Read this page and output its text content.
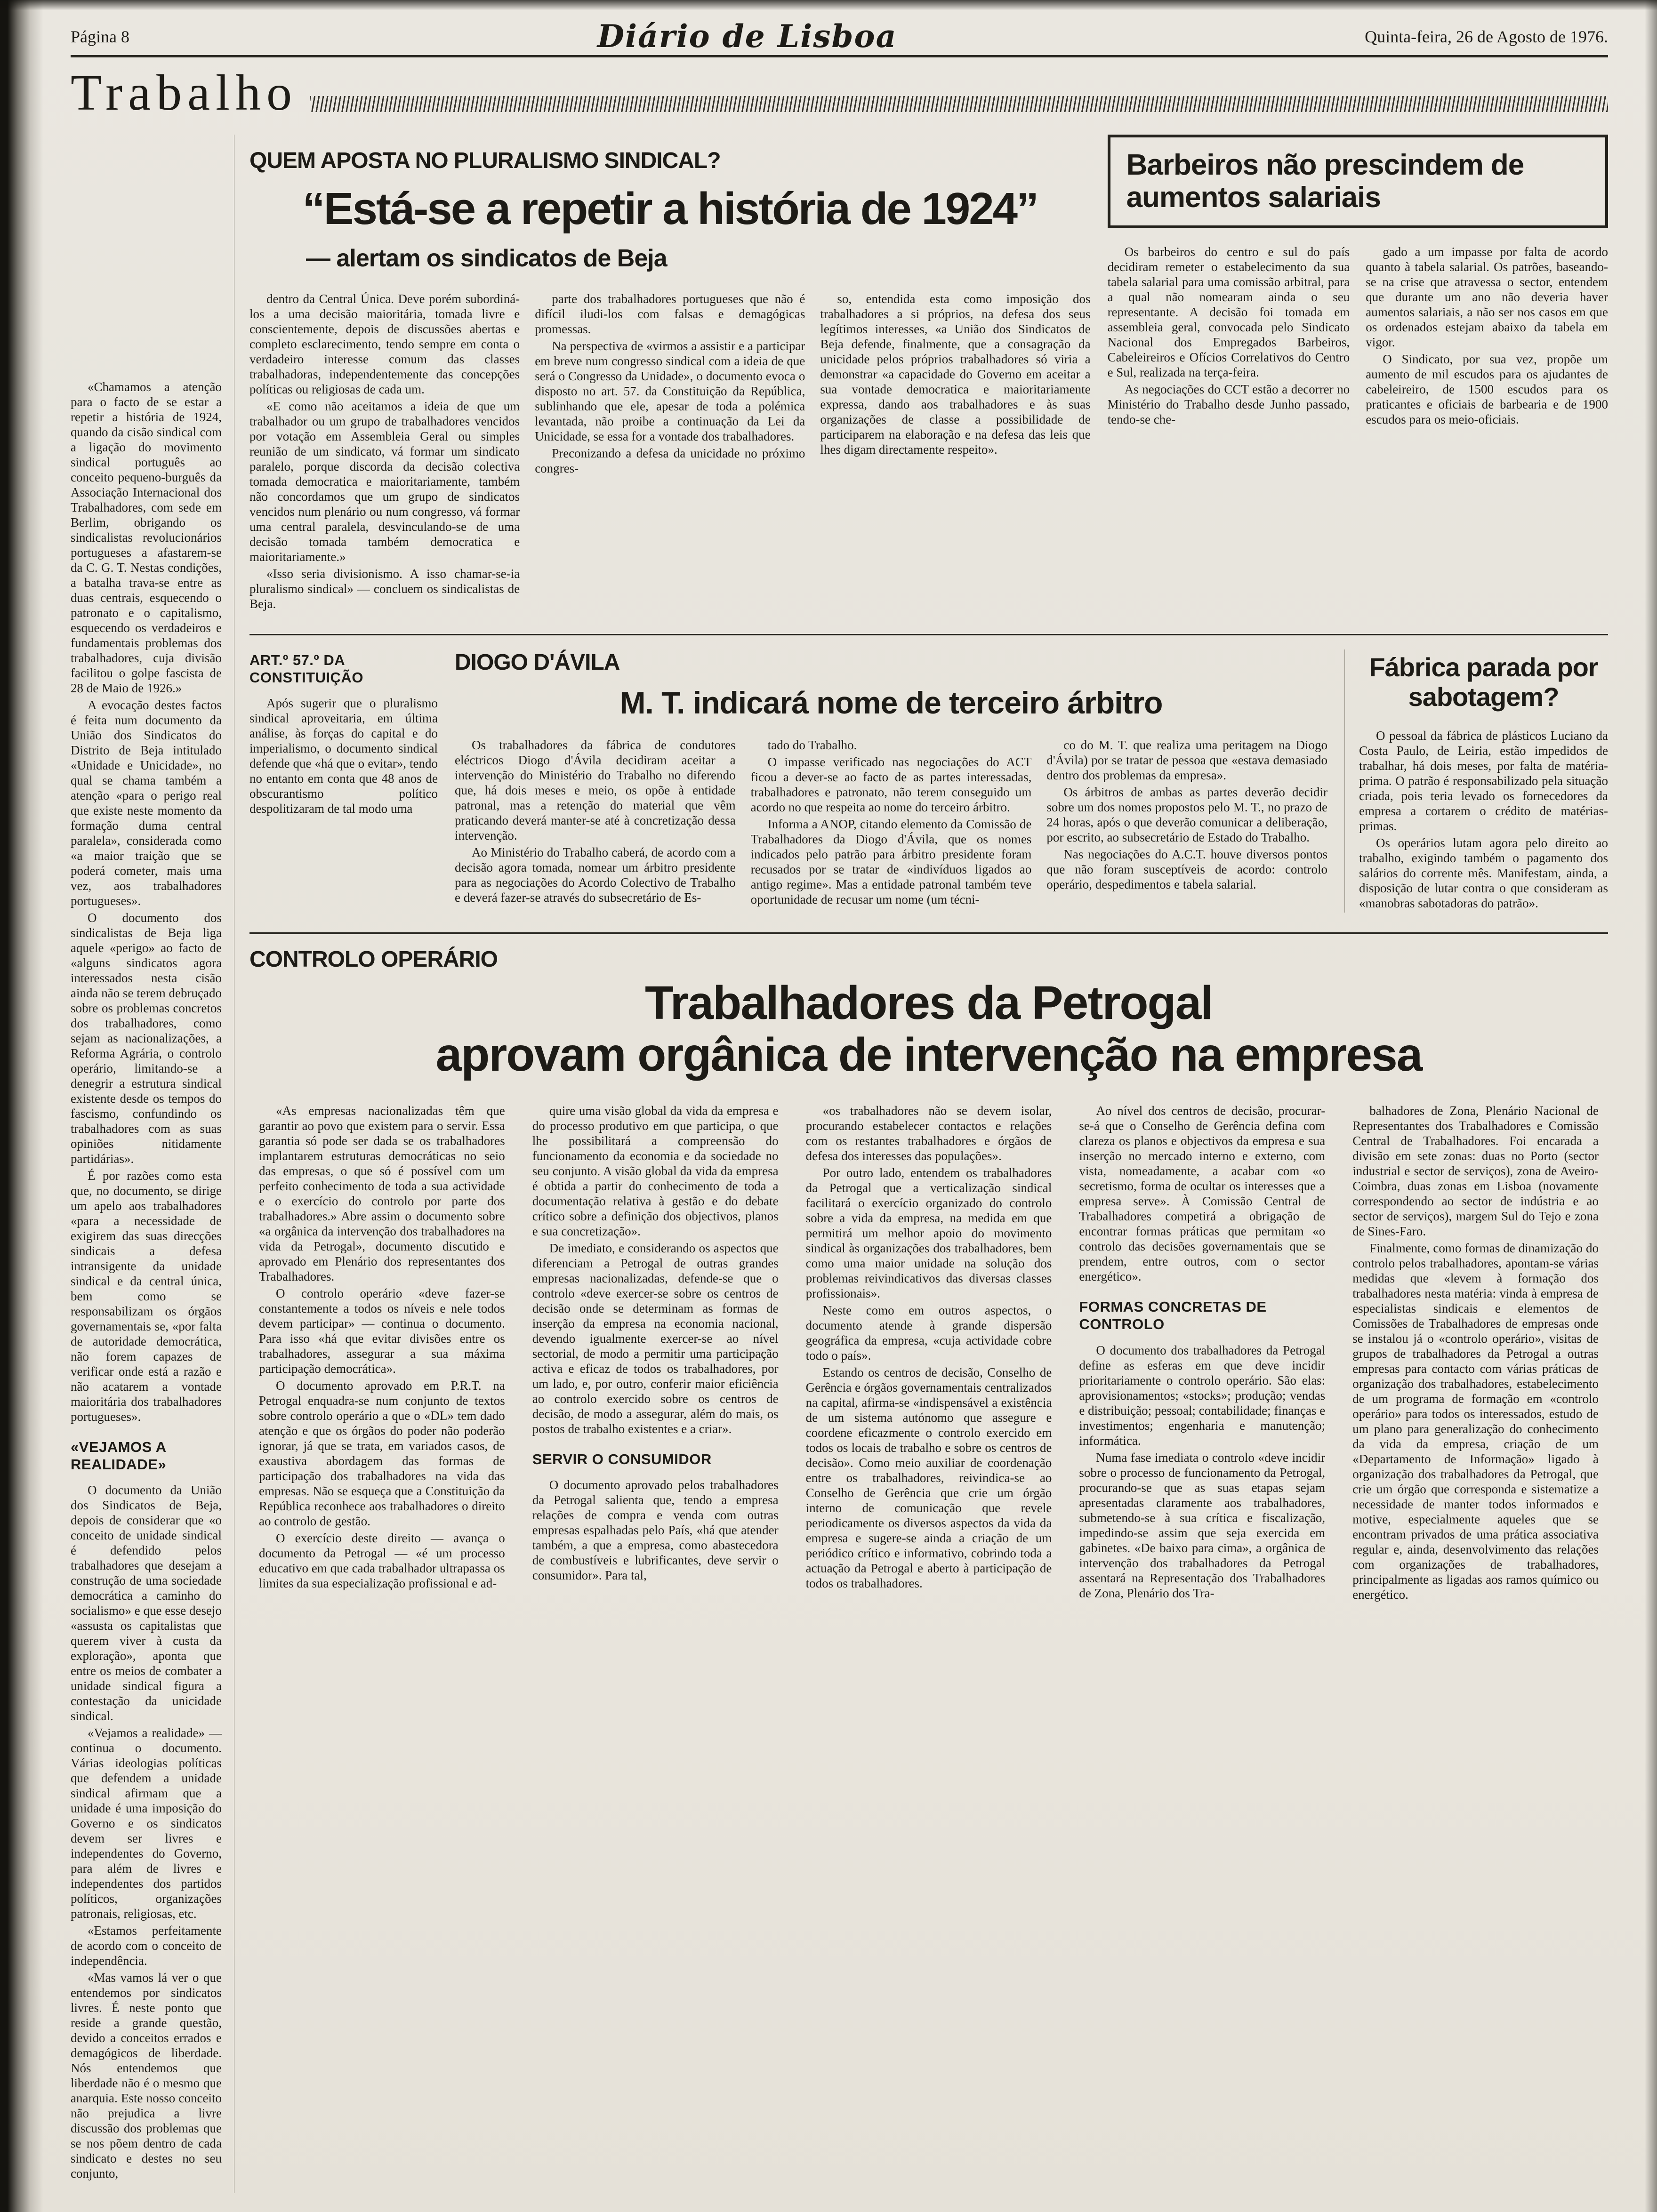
Página 8	Diário de Lisboa	Quinta-feira, 26 de Agosto de 1976.
Trabalho

«Chamamos a atenção para o facto de se estar a repetir a história de 1924, quando da cisão sindical com a ligação do movimento sindical português ao conceito pequeno-burguês da Associação Internacional dos Trabalhadores, com sede em Berlim, obrigando os sindicalistas revolucionários portugueses a afastarem-se da C. G. T. Nestas condições, a batalha trava-se entre as duas centrais, esquecendo o patronato e o capitalismo, esquecendo os verdadeiros e fundamentais problemas dos trabalhadores, cuja divisão facilitou o golpe fascista de 28 de Maio de 1926.»

A evocação destes factos é feita num documento da União dos Sindicatos do Distrito de Beja intitulado «Unidade e Unicidade», no qual se chama também a atenção «para o perigo real que existe neste momento da formação duma central paralela», considerada como «a maior traição que se poderá cometer, mais uma vez, aos trabalhadores portugueses».

O documento dos sindicalistas de Beja liga aquele «perigo» ao facto de «alguns sindicatos agora interessados nesta cisão ainda não se terem debruçado sobre os problemas concretos dos trabalhadores, como sejam as nacionalizações, a Reforma Agrária, o controlo operário, limitando-se a denegrir a estrutura sindical existente desde os tempos do fascismo, confundindo os trabalhadores com as suas opiniões nitidamente partidárias».

É por razões como esta que, no documento, se dirige um apelo aos trabalhadores «para a necessidade de exigirem das suas direcções sindicais a defesa intransigente da unidade sindical e da central única, bem como se responsabilizam os órgãos governamentais se, «por falta de autoridade democrática, não forem capazes de verificar onde está a razão e não acatarem a vontade maioritária dos trabalhadores portugueses».

«VEJAMOS A REALIDADE»

O documento da União dos Sindicatos de Beja, depois de considerar que «o conceito de unidade sindical é defendido pelos trabalhadores que desejam a construção de uma sociedade democrática a caminho do socialismo» e que esse desejo «assusta os capitalistas que querem viver à custa da exploração», aponta que entre os meios de combater a unidade sindical figura a contestação da unicidade sindical.

«Vejamos a realidade» — continua o documento. Várias ideologias políticas que defendem a unidade sindical afirmam que a unidade é uma imposição do Governo e os sindicatos devem ser livres e independentes do Governo, para além de livres e independentes dos partidos políticos, organizações patronais, religiosas, etc.

«Estamos perfeitamente de acordo com o conceito de independência.

«Mas vamos lá ver o que entendemos por sindicatos livres. É neste ponto que reside a grande questão, devido a conceitos errados e demagógicos de liberdade. Nós entendemos que liberdade não é o mesmo que anarquia. Este nosso conceito não prejudica a livre discussão dos problemas que se nos põem dentro de cada sindicato e destes no seu conjunto,

QUEM APOSTA NO PLURALISMO SINDICAL?
“Está-se a repetir a história de 1924”
— alertam os sindicatos de Beja

dentro da Central Única. Deve porém subordiná-los a uma decisão maioritária, tomada livre e conscientemente, depois de discussões abertas e completo esclarecimento, tendo sempre em conta o verdadeiro interesse comum das classes trabalhadoras, independentemente das concepções políticas ou religiosas de cada um.

«E como não aceitamos a ideia de que um trabalhador ou um grupo de trabalhadores vencidos por votação em Assembleia Geral ou simples reunião de um sindicato, vá formar um sindicato paralelo, porque discorda da decisão colectiva tomada democratica e maioritariamente, também não concordamos que um grupo de sindicatos vencidos num plenário ou num congresso, vá formar uma central paralela, desvinculando-se de uma decisão tomada também democratica e maioritariamente.»

«Isso seria divisionismo. A isso chamar-se-ia pluralismo sindical» — concluem os sindicalistas de Beja.

parte dos trabalhadores portugueses que não é difícil iludi-los com falsas e demagógicas promessas.

Na perspectiva de «virmos a assistir e a participar em breve num congresso sindical com a ideia de que será o Congresso da Unidade», o documento evoca o disposto no art. 57. da Constituição da República, sublinhando que ele, apesar de toda a polémica levantada, não proibe a continuação da Lei da Unicidade, se essa for a vontade dos trabalhadores.

Preconizando a defesa da unicidade no próximo congres-

so, entendida esta como imposição dos trabalhadores a si próprios, na defesa dos seus legítimos interesses, «a União dos Sindicatos de Beja defende, finalmente, que a consagração da unicidade pelos próprios trabalhadores só viria a demonstrar «a capacidade do Governo em aceitar a sua vontade democratica e maioritariamente expressa, dando aos trabalhadores e às suas organizações de classe a possibilidade de participarem na elaboração e na defesa das leis que lhes digam directamente respeito».

Barbeiros não prescindem de aumentos salariais

Os barbeiros do centro e sul do país decidiram remeter o estabelecimento da sua tabela salarial para uma comissão arbitral, para a qual não nomearam ainda o seu representante. A decisão foi tomada em assembleia geral, convocada pelo Sindicato Nacional dos Empregados Barbeiros, Cabeleireiros e Ofícios Correlativos do Centro e Sul, realizada na terça-feira.

As negociações do CCT estão a decorrer no Ministério do Trabalho desde Junho passado, tendo-se che-

gado a um impasse por falta de acordo quanto à tabela salarial. Os patrões, baseando-se na crise que atravessa o sector, entendem que durante um ano não deveria haver aumentos salariais, a não ser nos casos em que os ordenados estejam abaixo da tabela em vigor.

O Sindicato, por sua vez, propõe um aumento de mil escudos para os ajudantes de cabeleireiro, de 1500 escudos para os praticantes e oficiais de barbearia e de 1900 escudos para os meio-oficiais.

ART.º 57.º DA CONSTITUIÇÃO

Após sugerir que o pluralismo sindical aproveitaria, em última análise, às forças do capital e do imperialismo, o documento sindical defende que «há que o evitar», tendo no entanto em conta que 48 anos de obscurantismo político despolitizaram de tal modo uma

DIOGO D'ÁVILA
M. T. indicará nome de terceiro árbitro

Os trabalhadores da fábrica de condutores eléctricos Diogo d'Ávila decidiram aceitar a intervenção do Ministério do Trabalho no diferendo que, há dois meses e meio, os opõe à entidade patronal, mas a retenção do material que vêm praticando deverá manter-se até à concretização dessa intervenção.

Ao Ministério do Trabalho caberá, de acordo com a decisão agora tomada, nomear um árbitro presidente para as negociações do Acordo Colectivo de Trabalho e deverá fazer-se através do subsecretário de Es-

tado do Trabalho.

O impasse verificado nas negociações do ACT ficou a dever-se ao facto de as partes interessadas, trabalhadores e patronato, não terem conseguido um acordo no que respeita ao nome do terceiro árbitro.

Informa a ANOP, citando elemento da Comissão de Trabalhadores da Diogo d'Ávila, que os nomes indicados pelo patrão para árbitro presidente foram recusados por se tratar de «indivíduos ligados ao antigo regime». Mas a entidade patronal também teve oportunidade de recusar um nome (um técni-

co do M. T. que realiza uma peritagem na Diogo d'Ávila) por se tratar de pessoa que «estava demasiado dentro dos problemas da empresa».

Os árbitros de ambas as partes deverão decidir sobre um dos nomes propostos pelo M. T., no prazo de 24 horas, após o que deverão comunicar a deliberação, por escrito, ao subsecretário de Estado do Trabalho.

Nas negociações do A.C.T. houve diversos pontos que não foram susceptíveis de acordo: controlo operário, despedimentos e tabela salarial.

Fábrica parada por sabotagem?

O pessoal da fábrica de plásticos Luciano da Costa Paulo, de Leiria, estão impedidos de trabalhar, há dois meses, por falta de matéria-prima. O patrão é responsabilizado pela situação criada, pois teria levado os fornecedores da empresa a cortarem o crédito de matérias-primas.

Os operários lutam agora pelo direito ao trabalho, exigindo também o pagamento dos salários do corrente mês. Manifestam, ainda, a disposição de lutar contra o que consideram as «manobras sabotadoras do patrão».

CONTROLO OPERÁRIO
Trabalhadores da Petrogal
aprovam orgânica de intervenção na empresa

«As empresas nacionalizadas têm que garantir ao povo que existem para o servir. Essa garantia só pode ser dada se os trabalhadores implantarem estruturas democráticas no seio das empresas, o que só é possível com um perfeito conhecimento de toda a sua actividade e o exercício do controlo por parte dos trabalhadores.» Abre assim o documento sobre «a orgânica da intervenção dos trabalhadores na vida da Petrogal», documento discutido e aprovado em Plenário dos representantes dos Trabalhadores.

O controlo operário «deve fazer-se constantemente a todos os níveis e nele todos devem participar» — continua o documento. Para isso «há que evitar divisões entre os trabalhadores, assegurar a sua máxima participação democrática».

O documento aprovado em P.R.T. na Petrogal enquadra-se num conjunto de textos sobre controlo operário a que o «DL» tem dado atenção e que os órgãos do poder não poderão ignorar, já que se trata, em variados casos, de exaustiva abordagem das formas de participação dos trabalhadores na vida das empresas. Não se esqueça que a Constituição da República reconhece aos trabalhadores o direito ao controlo de gestão.

O exercício deste direito — avança o documento da Petrogal — «é um processo educativo em que cada trabalhador ultrapassa os limites da sua especialização profissional e ad-

quire uma visão global da vida da empresa e do processo produtivo em que participa, o que lhe possibilitará a compreensão do funcionamento da economia e da sociedade no seu conjunto. A visão global da vida da empresa é obtida a partir do conhecimento de toda a documentação relativa à gestão e do debate crítico sobre a definição dos objectivos, planos e sua concretização».

De imediato, e considerando os aspectos que diferenciam a Petrogal de outras grandes empresas nacionalizadas, defende-se que o controlo «deve exercer-se sobre os centros de decisão onde se determinam as formas de inserção da empresa na economia nacional, devendo igualmente exercer-se ao nível sectorial, de modo a permitir uma participação activa e eficaz de todos os trabalhadores, por um lado, e, por outro, conferir maior eficiência ao controlo exercido sobre os centros de decisão, de modo a assegurar, além do mais, os postos de trabalho existentes e a criar».

SERVIR O CONSUMIDOR

O documento aprovado pelos trabalhadores da Petrogal salienta que, tendo a empresa relações de compra e venda com outras empresas espalhadas pelo País, «há que atender também, a que a empresa, como abastecedora de combustíveis e lubrificantes, deve servir o consumidor». Para tal,

«os trabalhadores não se devem isolar, procurando estabelecer contactos e relações com os restantes trabalhadores e órgãos de defesa dos interesses das populações».

Por outro lado, entendem os trabalhadores da Petrogal que a verticalização sindical facilitará o exercício organizado do controlo sobre a vida da empresa, na medida em que permitirá um melhor apoio do movimento sindical às organizações dos trabalhadores, bem como uma maior unidade na solução dos problemas reivindicativos das diversas classes profissionais».

Neste como em outros aspectos, o documento atende à grande dispersão geográfica da empresa, «cuja actividade cobre todo o país».

Estando os centros de decisão, Conselho de Gerência e órgãos governamentais centralizados na capital, afirma-se «indispensável a existência de um sistema autónomo que assegure e coordene eficazmente o controlo exercido em todos os locais de trabalho e sobre os centros de decisão». Como meio auxiliar de coordenação entre os trabalhadores, reivindica-se ao Conselho de Gerência que crie um órgão interno de comunicação que revele periodicamente os diversos aspectos da vida da empresa e sugere-se ainda a criação de um periódico crítico e informativo, cobrindo toda a actuação da Petrogal e aberto à participação de todos os trabalhadores.

Ao nível dos centros de decisão, procurar-se-á que o Conselho de Gerência defina com clareza os planos e objectivos da empresa e sua inserção no mercado interno e externo, com vista, nomeadamente, a acabar com «o secretismo, forma de ocultar os interesses que a empresa serve». À Comissão Central de Trabalhadores competirá a obrigação de encontrar formas práticas que permitam «o controlo das decisões governamentais que se prendem, entre outros, com o sector energético».

FORMAS CONCRETAS DE CONTROLO

O documento dos trabalhadores da Petrogal define as esferas em que deve incidir prioritariamente o controlo operário. São elas: aprovisionamentos; «stocks»; produção; vendas e distribuição; pessoal; contabilidade; finanças e investimentos; engenharia e manutenção; informática.

Numa fase imediata o controlo «deve incidir sobre o processo de funcionamento da Petrogal, procurando-se que as suas etapas sejam apresentadas claramente aos trabalhadores, submetendo-se à sua crítica e fiscalização, impedindo-se assim que seja exercida em gabinetes. «De baixo para cima», a orgânica de intervenção dos trabalhadores da Petrogal assentará na Representação dos Trabalhadores de Zona, Plenário dos Tra-

balhadores de Zona, Plenário Nacional de Representantes dos Trabalhadores e Comissão Central de Trabalhadores. Foi encarada a divisão em sete zonas: duas no Porto (sector industrial e sector de serviços), zona de Aveiro-Coimbra, duas zonas em Lisboa (novamente correspondendo ao sector de indústria e ao sector de serviços), margem Sul do Tejo e zona de Sines-Faro.

Finalmente, como formas de dinamização do controlo pelos trabalhadores, apontam-se várias medidas que «levem à formação dos trabalhadores nesta matéria: vinda à empresa de especialistas sindicais e elementos de Comissões de Trabalhadores de empresas onde se instalou já o «controlo operário», visitas de grupos de trabalhadores da Petrogal a outras empresas para contacto com várias práticas de organização dos trabalhadores, estabelecimento de um programa de formação em «controlo operário» para todos os interessados, estudo de um plano para generalização do conhecimento da vida da empresa, criação de um «Departamento de Informação» ligado à organização dos trabalhadores da Petrogal, que crie um órgão que corresponda e sistematize a necessidade de manter todos informados e motive, especialmente aqueles que se encontram privados de uma prática associativa regular e, ainda, desenvolvimento das relações com organizações de trabalhadores, principalmente as ligadas aos ramos químico ou energético.
